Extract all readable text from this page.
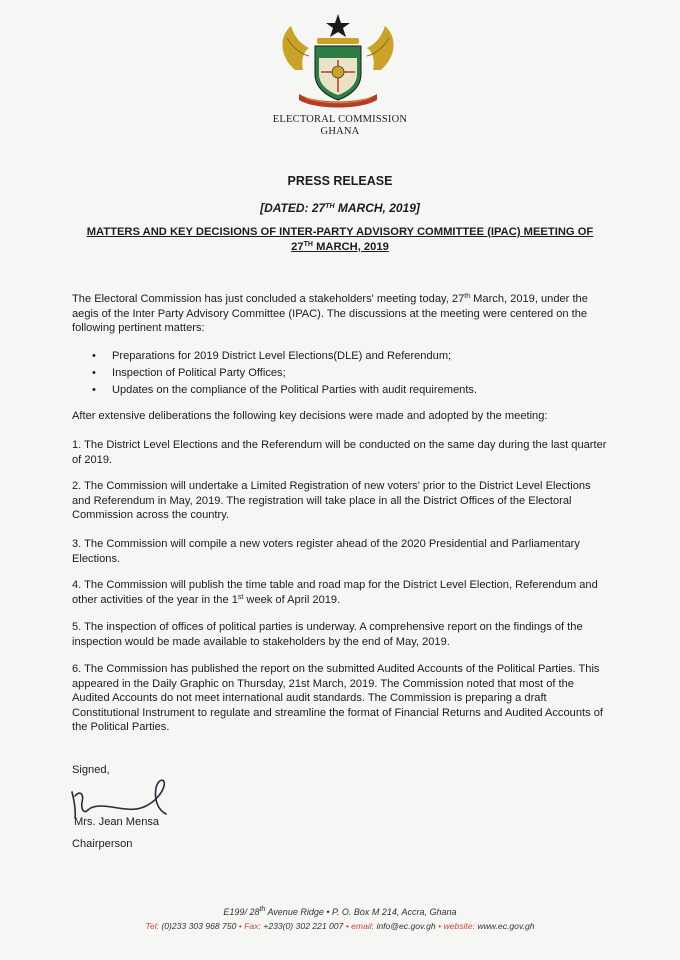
ELECTORAL COMMISSION
GHANA
PRESS RELEASE
[DATED: 27TH MARCH, 2019]
MATTERS AND KEY DECISIONS OF INTER-PARTY ADVISORY COMMITTEE (IPAC) MEETING OF
27TH MARCH, 2019

The Electoral Commission has just concluded a stakeholders' meeting today, 27th March, 2019, under the aegis of the Inter Party Advisory Committee (IPAC). The discussions at the meeting were centered on the following pertinent matters:

• Preparations for 2019 District Level Elections(DLE) and Referendum;
• Inspection of Political Party Offices;
• Updates on the compliance of the Political Parties with audit requirements.

After extensive deliberations the following key decisions were made and adopted by the meeting:

1. The District Level Elections and the Referendum will be conducted on the same day during the last quarter of 2019.

2. The Commission will undertake a Limited Registration of new voters' prior to the District Level Elections and Referendum in May, 2019. The registration will take place in all the District Offices of the Electoral Commission across the country.

3. The Commission will compile a new voters register ahead of the 2020 Presidential and Parliamentary Elections.

4. The Commission will publish the time table and road map for the District Level Election, Referendum and other activities of the year in the 1st week of April 2019.

5. The inspection of offices of political parties is underway. A comprehensive report on the findings of the inspection would be made available to stakeholders by the end of May, 2019.

6. The Commission has published the report on the submitted Audited Accounts of the Political Parties. This appeared in the Daily Graphic on Thursday, 21st March, 2019. The Commission noted that most of the Audited Accounts do not meet international audit standards. The Commission is preparing a draft Constitutional Instrument to regulate and streamline the format of Financial Returns and Audited Accounts of the Political Parties.

Signed,
Mrs. Jean Mensa
Chairperson
E199/ 28th Avenue Ridge • P. O. Box M 214, Accra, Ghana
Tel: (0)233 303 968 750 • Fax: +233(0) 302 221 007 • email: info@ec.gov.gh • website: www.ec.gov.gh
